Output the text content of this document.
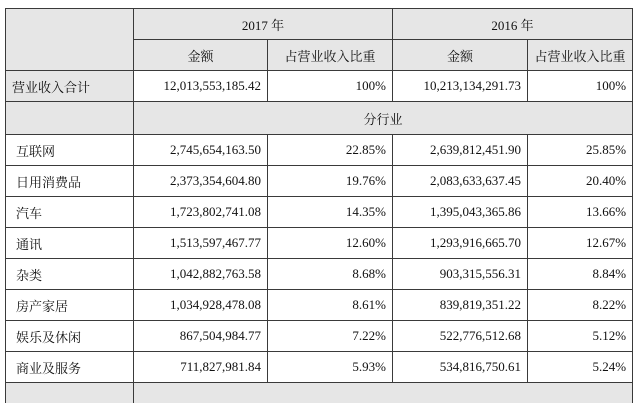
	2017 年		2016 年	
	金额	占营业收入比重	金额	占营业收入比重
营业收入合计	12,013,553,185.42	100%	10,213,134,291.73	100%
	分行业			
互联网	2,745,654,163.50	22.85%	2,639,812,451.90	25.85%
日用消费品	2,373,354,604.80	19.76%	2,083,633,637.45	20.40%
汽车	1,723,802,741.08	14.35%	1,395,043,365.86	13.66%
通讯	1,513,597,467.77	12.60%	1,293,916,665.70	12.67%
杂类	1,042,882,763.58	8.68%	903,315,556.31	8.84%
房产家居	1,034,928,478.08	8.61%	839,819,351.22	8.22%
娱乐及休闲	867,504,984.77	7.22%	522,776,512.68	5.12%
商业及服务	711,827,981.84	5.93%	534,816,750.61	5.24%
